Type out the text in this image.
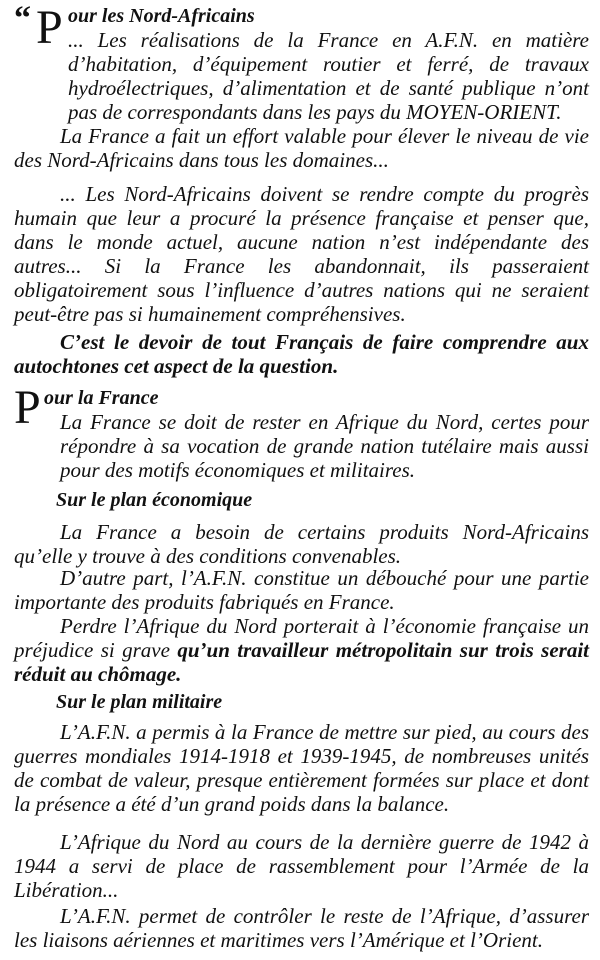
“ P our les Nord-Africains

... Les réalisations de la France en A.F.N. en matière d’habitation, d’équipement routier et ferré, de travaux hydroélectriques, d’alimentation et de santé publique n’ont pas de correspondants dans les pays du MOYEN-ORIENT.

La France a fait un effort valable pour élever le niveau de vie des Nord-Africains dans tous les domaines...

... Les Nord-Africains doivent se rendre compte du progrès humain que leur a procuré la présence française et penser que, dans le monde actuel, aucune nation n’est indépendante des autres... Si la France les abandonnait, ils passeraient obligatoirement sous l’influence d’autres nations qui ne seraient peut-être pas si humainement compréhensives.

C’est le devoir de tout Français de faire comprendre aux autochtones cet aspect de la question.

P our la France

La France se doit de rester en Afrique du Nord, certes pour répondre à sa vocation de grande nation tutélaire mais aussi pour des motifs économiques et militaires.

Sur le plan économique

La France a besoin de certains produits Nord-Africains qu’elle y trouve à des conditions convenables.

D’autre part, l’A.F.N. constitue un débouché pour une partie importante des produits fabriqués en France.

Perdre l’Afrique du Nord porterait à l’économie française un préjudice si grave qu’un travailleur métropolitain sur trois serait réduit au chômage.

Sur le plan militaire

L’A.F.N. a permis à la France de mettre sur pied, au cours des guerres mondiales 1914-1918 et 1939-1945, de nombreuses unités de combat de valeur, presque entièrement formées sur place et dont la présence a été d’un grand poids dans la balance.

L’Afrique du Nord au cours de la dernière guerre de 1942 à 1944 a servi de place de rassemblement pour l’Armée de la Libération...

L’A.F.N. permet de contrôler le reste de l’Afrique, d’assurer les liaisons aériennes et maritimes vers l’Amérique et l’Orient.
